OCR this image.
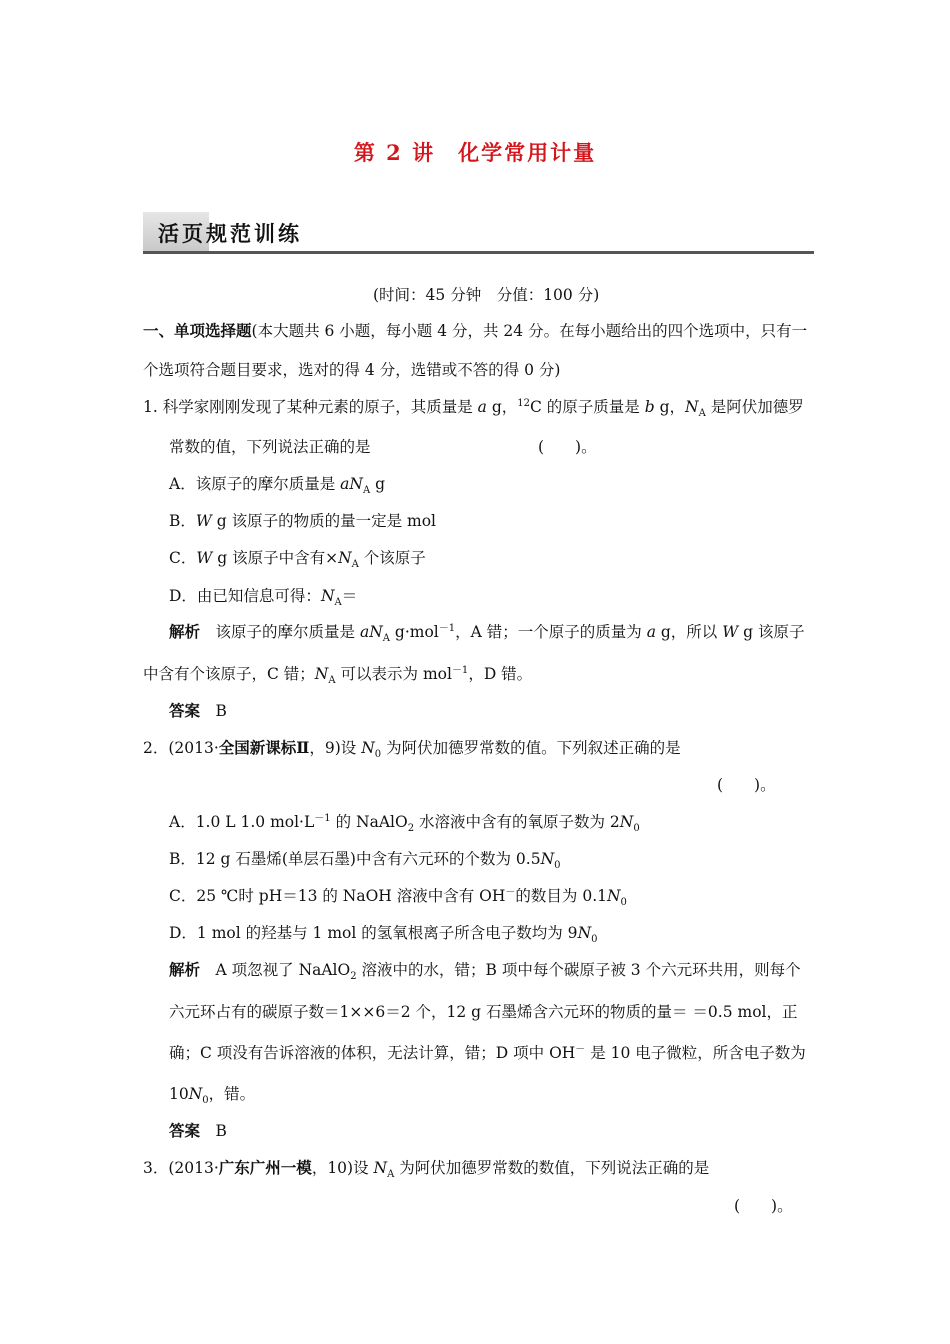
第 2 讲　化学常用计量
活页规范训练
(时间：45 分钟　分值：100 分)
一、单项选择题(本大题共 6 小题，每小题 4 分，共 24 分。在每小题给出的四个选项中，只有一
个选项符合题目要求，选对的得 4 分，选错或不答的得 0 分)
1. 科学家刚刚发现了某种元素的原子，其质量是 a g，$^{12}$C 的原子质量是 b g，$N_A$ 是阿伏加德罗
常数的值，下列说法正确的是	(　　)。
A．该原子的摩尔质量是 $aN_A$ g
B．W g 该原子的物质的量一定是 mol
C．W g 该原子中含有$\times N_A$ 个该原子
D．由已知信息可得：$N_A=$
解析　该原子的摩尔质量是 $aN_A$ g·mol$^{-1}$，A 错；一个原子的质量为 a g，所以 W g 该原子
中含有个该原子，C 错；$N_A$ 可以表示为 mol$^{-1}$，D 错。
答案　 B
2．(2013·全国新课标Ⅱ，9)设 $N_0$ 为阿伏加德罗常数的值。下列叙述正确的是
(　　)。
A．1.0 L 1.0 $mol\cdot L^{-1}$ 的 NaAlO$_2$ 水溶液中含有的氧原子数为 $2N_0$
B．12 g 石墨烯(单层石墨)中含有六元环的个数为 $0.5N_0$
C．25 ℃时 pH＝13 的 NaOH 溶液中含有 OH－的数目为 $0.1N_0$
D．1 mol 的羟基与 1 mol 的氢氧根离子所含电子数均为 $9N_0$
解析　A 项忽视了 NaAlO$_2$ 溶液中的水，错；B 项中每个碳原子被 3 个六元环共用，则每个
六元环占有的碳原子数＝1××6＝2 个，12 g 石墨烯含六元环的物质的量＝ ＝0.5 mol，正
确；C 项没有告诉溶液的体积，无法计算，错；D 项中 OH－ 是 10 电子微粒，所含电子数为
$10N_0$，错。
答案　 B
3．(2013·广东广州一模，10)设 $N_A$ 为阿伏加德罗常数的数值，下列说法正确的是
(　　)。
